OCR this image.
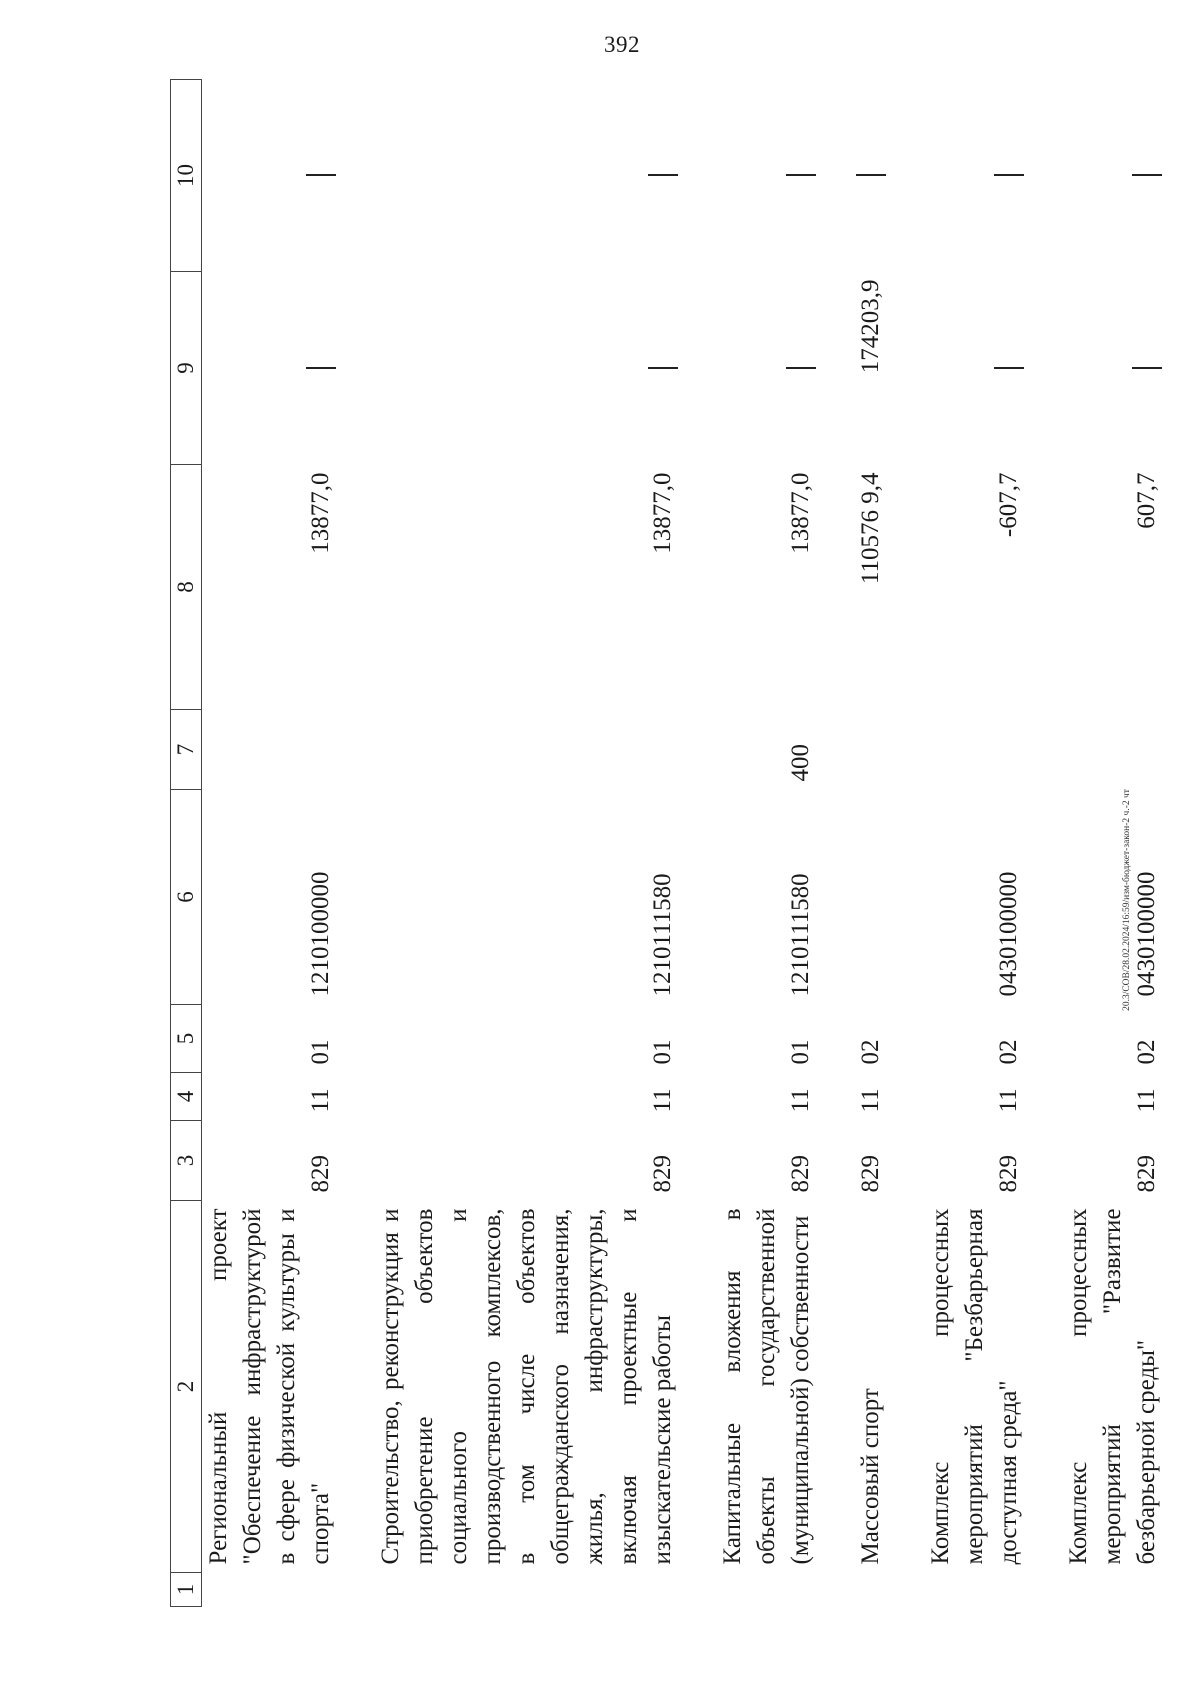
392
20.3/СОВ/28.02.2024/16:59/изм-бюджет-закон-2 ч.-2 чт
1	2	3	4	5	6	7	8	9	10
	Региональный проект "Обеспечение инфраструктурой в сфере физической культуры и спорта"	829	11	01	1210100000		13877,0		

	Строительство, реконструкция и приобретение объектов социального и производственного комплексов, в том числе объектов общегражданского назначения, жилья, инфраструктуры, включая проектные и изыскательские работы	829	11	01	1210111580		13877,0		

	Капитальные вложения в объекты государственной (муниципальной) собственности	829	11	01	1210111580	400	13877,0		

	Массовый спорт	829	11	02			110576 9,4	174203,9	

	Комплекс процессных мероприятий "Безбарьерная доступная среда"	829	11	02	0430100000		-607,7		

	Комплекс процессных мероприятий "Развитие безбарьерной среды"	829	11	02	0430100000		607,7		
